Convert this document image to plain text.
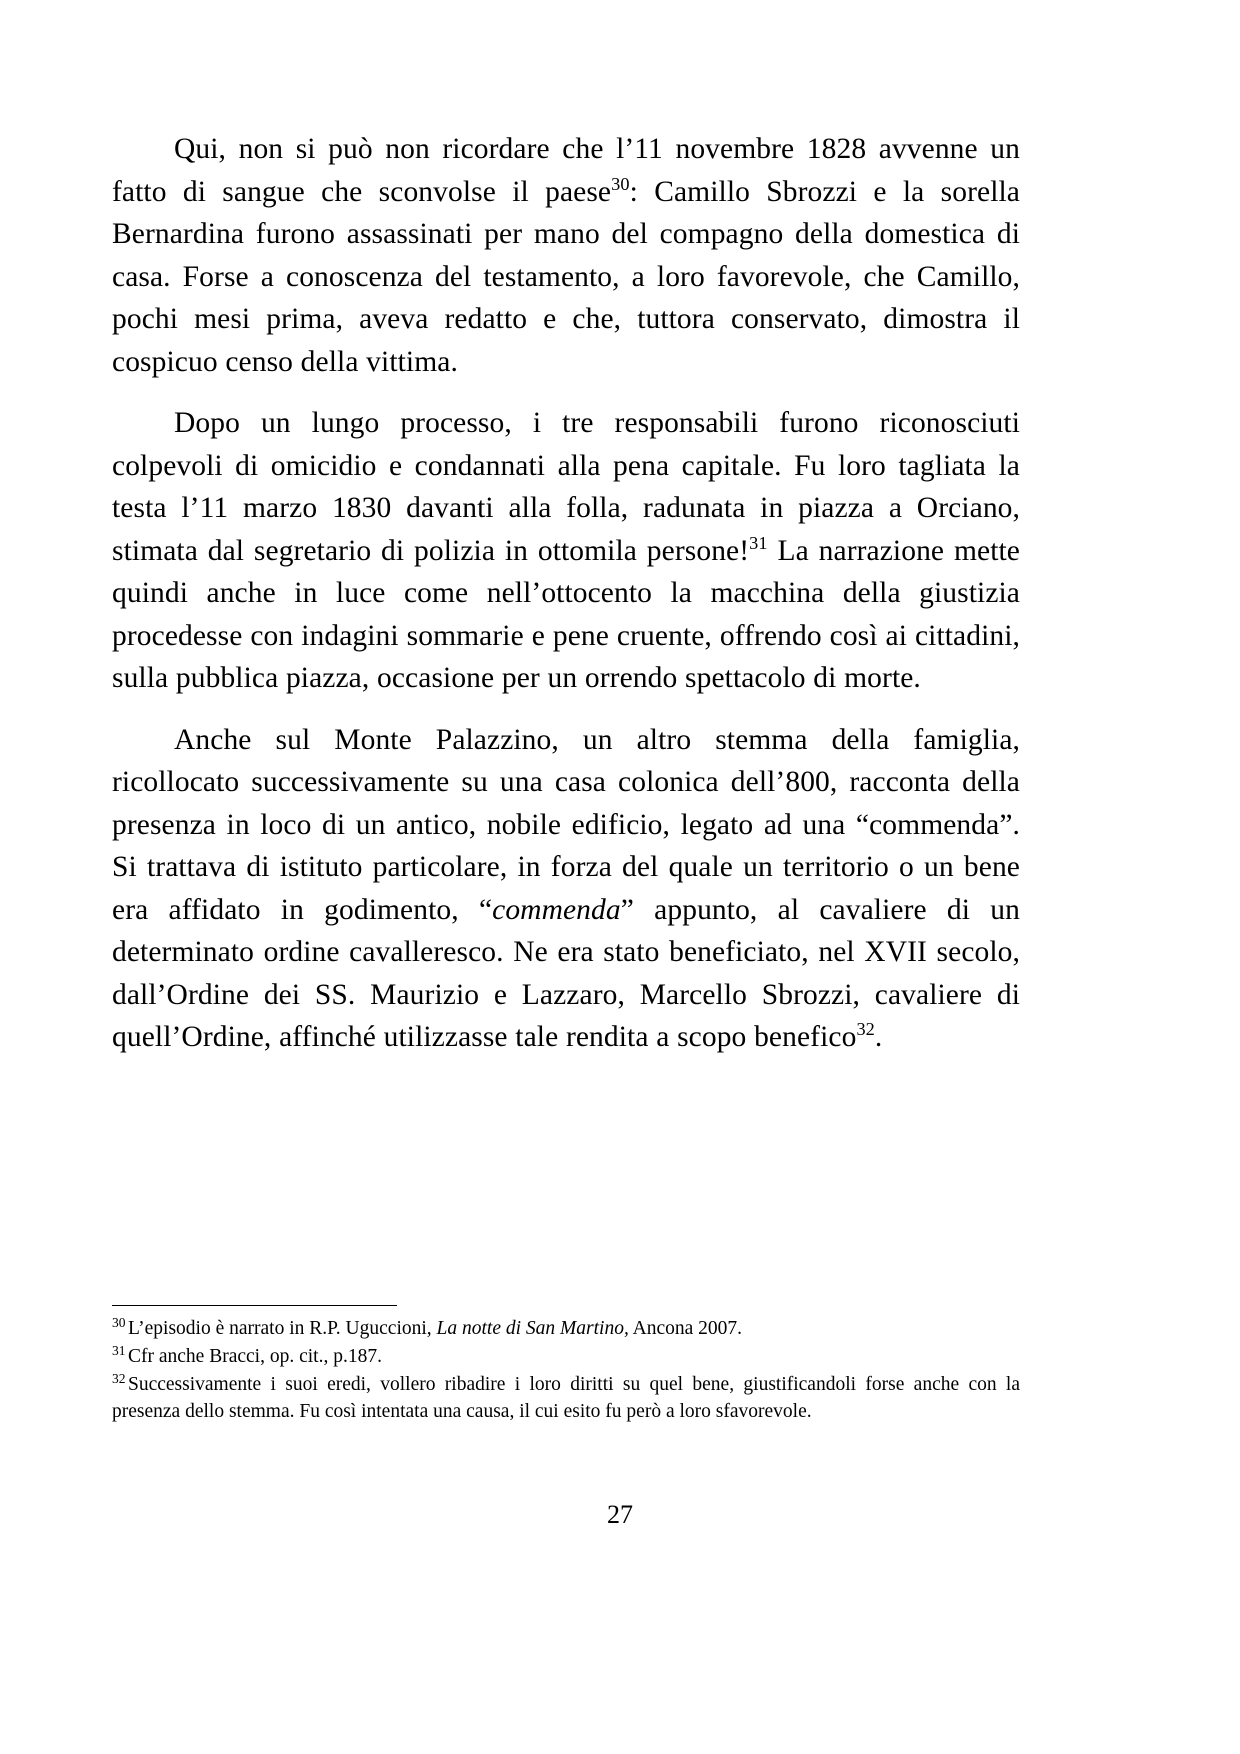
Qui, non si può non ricordare che l’11 novembre 1828 avvenne un fatto di sangue che sconvolse il paese$^{30}$: Camillo Sbrozzi e la sorella Bernardina furono assassinati per mano del compagno della domestica di casa. Forse a conoscenza del testamento, a loro favorevole, che Camillo, pochi mesi prima, aveva redatto e che, tuttora conservato, dimostra il cospicuo censo della vittima.

Dopo un lungo processo, i tre responsabili furono riconosciuti colpevoli di omicidio e condannati alla pena capitale. Fu loro tagliata la testa l’11 marzo 1830 davanti alla folla, radunata in piazza a Orciano, stimata dal segretario di polizia in ottomila persone!$^{31}$ La narrazione mette quindi anche in luce come nell’ottocento la macchina della giustizia procedesse con indagini sommarie e pene cruente, offrendo così ai cittadini, sulla pubblica piazza, occasione per un orrendo spettacolo di morte.

Anche sul Monte Palazzino, un altro stemma della famiglia, ricollocato successivamente su una casa colonica dell’800, racconta della presenza in loco di un antico, nobile edificio, legato ad una “commenda”. Si trattava di istituto particolare, in forza del quale un territorio o un bene era affidato in godimento, “commenda” appunto, al cavaliere di un determinato ordine cavalleresco. Ne era stato beneficiato, nel XVII secolo, dall’Ordine dei SS. Maurizio e Lazzaro, Marcello Sbrozzi, cavaliere di quell’Ordine, affinché utilizzasse tale rendita a scopo benefico$^{32}$.

$^{30}$ L’episodio è narrato in R.P. Uguccioni, La notte di San Martino, Ancona 2007.

$^{31}$ Cfr anche Bracci, op. cit., p.187.

$^{32}$ Successivamente i suoi eredi, vollero ribadire i loro diritti su quel bene, giustificandoli forse anche con la presenza dello stemma. Fu così intentata una causa, il cui esito fu però a loro sfavorevole.

27
